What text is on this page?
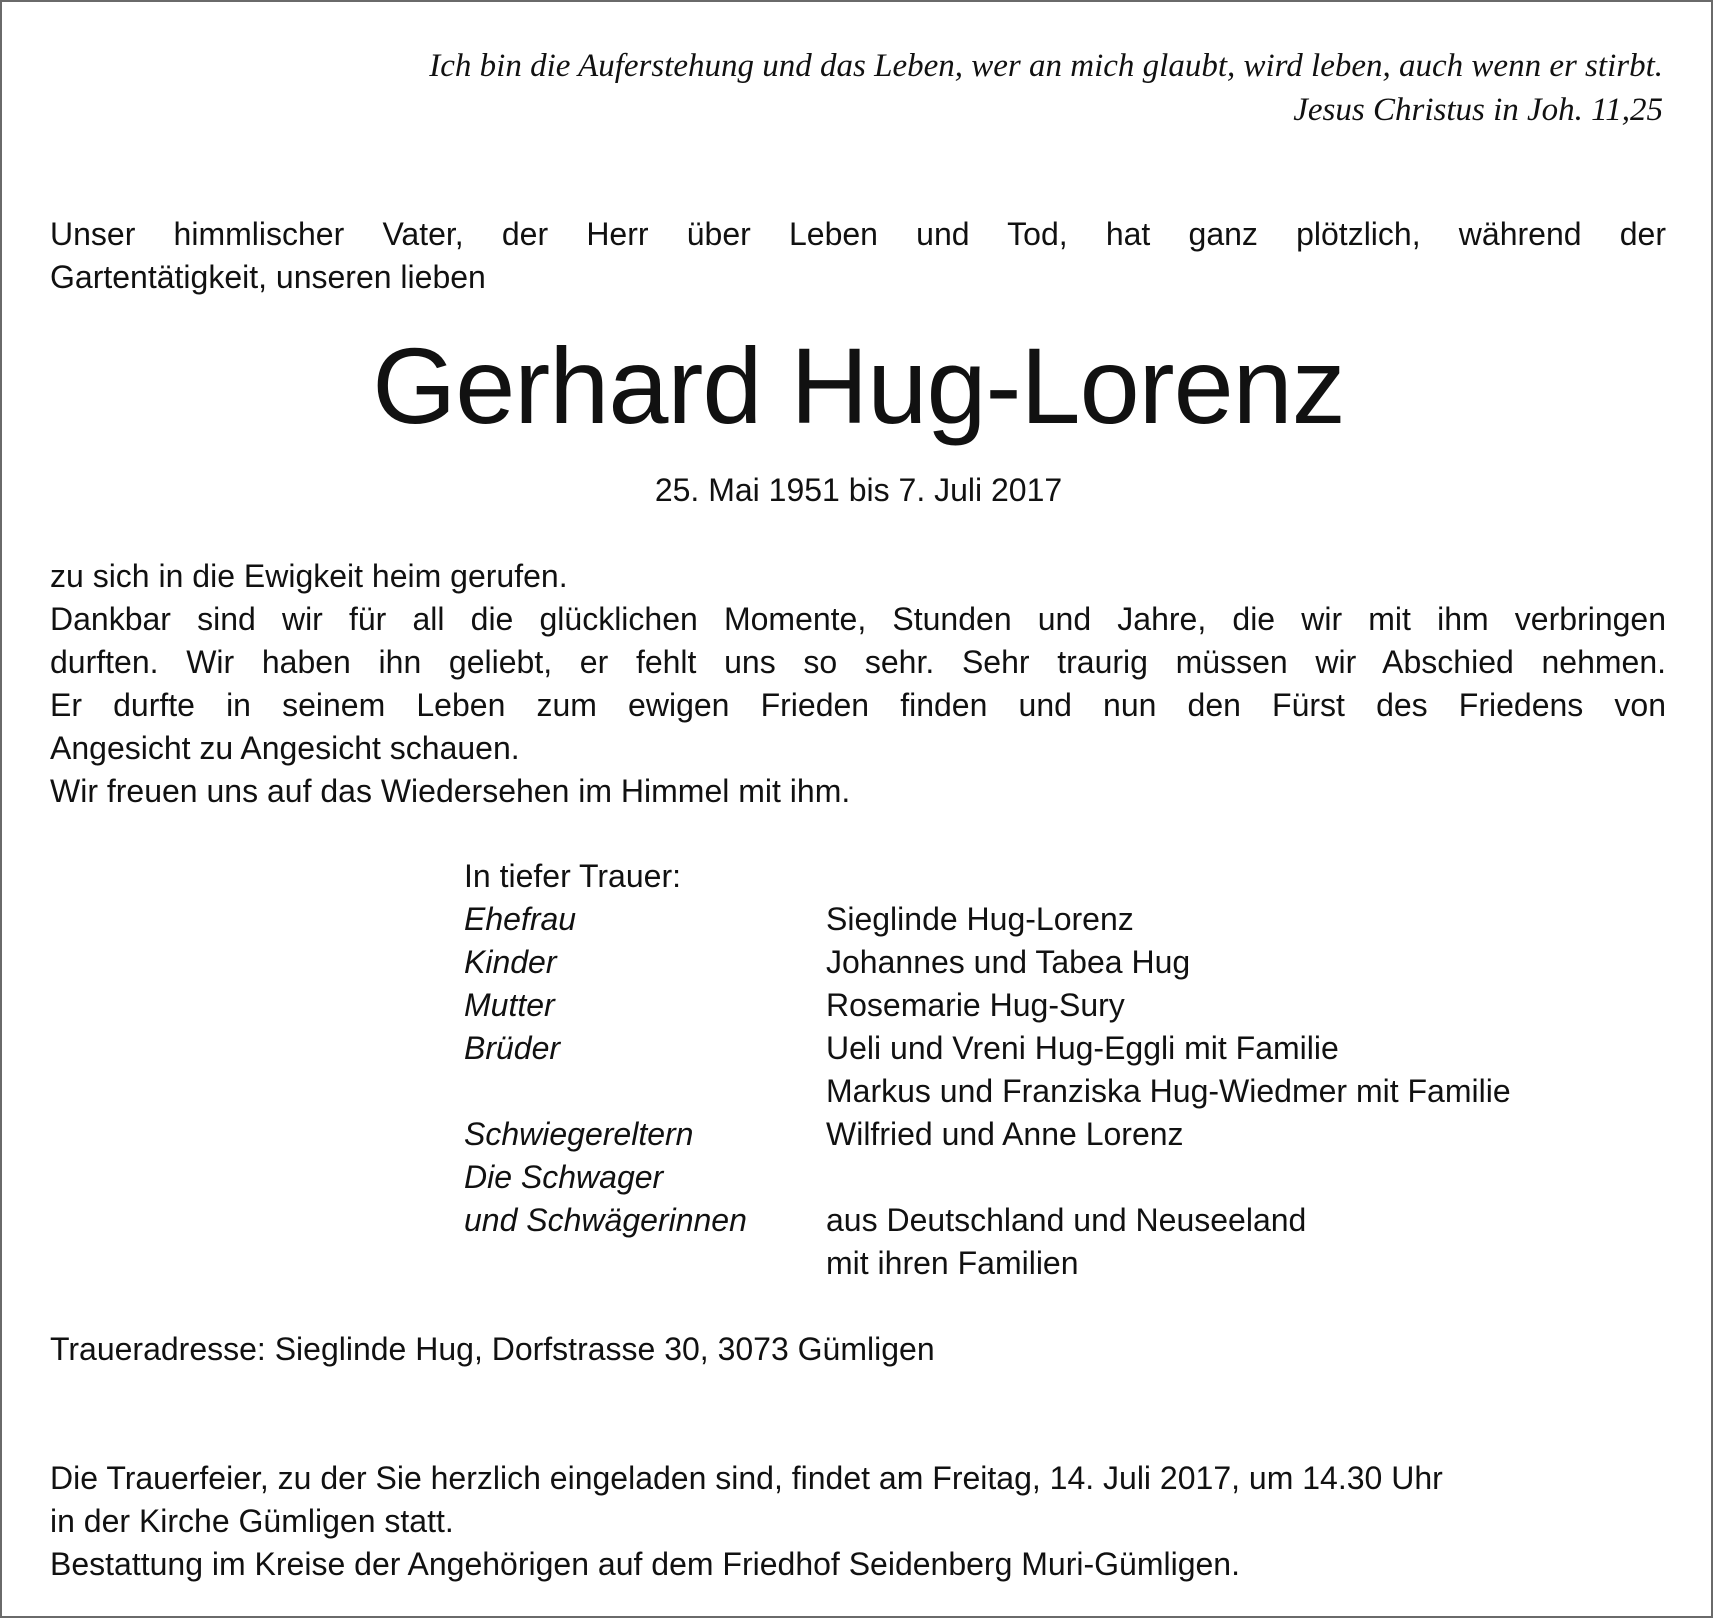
Ich bin die Auferstehung und das Leben, wer an mich glaubt, wird leben, auch wenn er stirbt.
Jesus Christus in Joh. 11,25
Unser himmlischer Vater, der Herr über Leben und Tod, hat ganz plötzlich, während der
Gartentätigkeit, unseren lieben
Gerhard Hug-Lorenz
25. Mai 1951 bis 7. Juli 2017
zu sich in die Ewigkeit heim gerufen.
Dankbar sind wir für all die glücklichen Momente, Stunden und Jahre, die wir mit ihm verbringen
durften. Wir haben ihn geliebt, er fehlt uns so sehr. Sehr traurig müssen wir Abschied nehmen.
Er durfte in seinem Leben zum ewigen Frieden finden und nun den Fürst des Friedens von
Angesicht zu Angesicht schauen.
Wir freuen uns auf das Wiedersehen im Himmel mit ihm.
In tiefer Trauer:
Ehefrau	Sieglinde Hug-Lorenz
Kinder	Johannes und Tabea Hug
Mutter	Rosemarie Hug-Sury
Brüder	Ueli und Vreni Hug-Eggli mit Familie
Markus und Franziska Hug-Wiedmer mit Familie
Schwiegereltern	Wilfried und Anne Lorenz
Die Schwager
und Schwägerinnen	aus Deutschland und Neuseeland
mit ihren Familien
Traueradresse: Sieglinde Hug, Dorfstrasse 30, 3073 Gümligen
Die Trauerfeier, zu der Sie herzlich eingeladen sind, findet am Freitag, 14. Juli 2017, um 14.30 Uhr
in der Kirche Gümligen statt.
Bestattung im Kreise der Angehörigen auf dem Friedhof Seidenberg Muri-Gümligen.
